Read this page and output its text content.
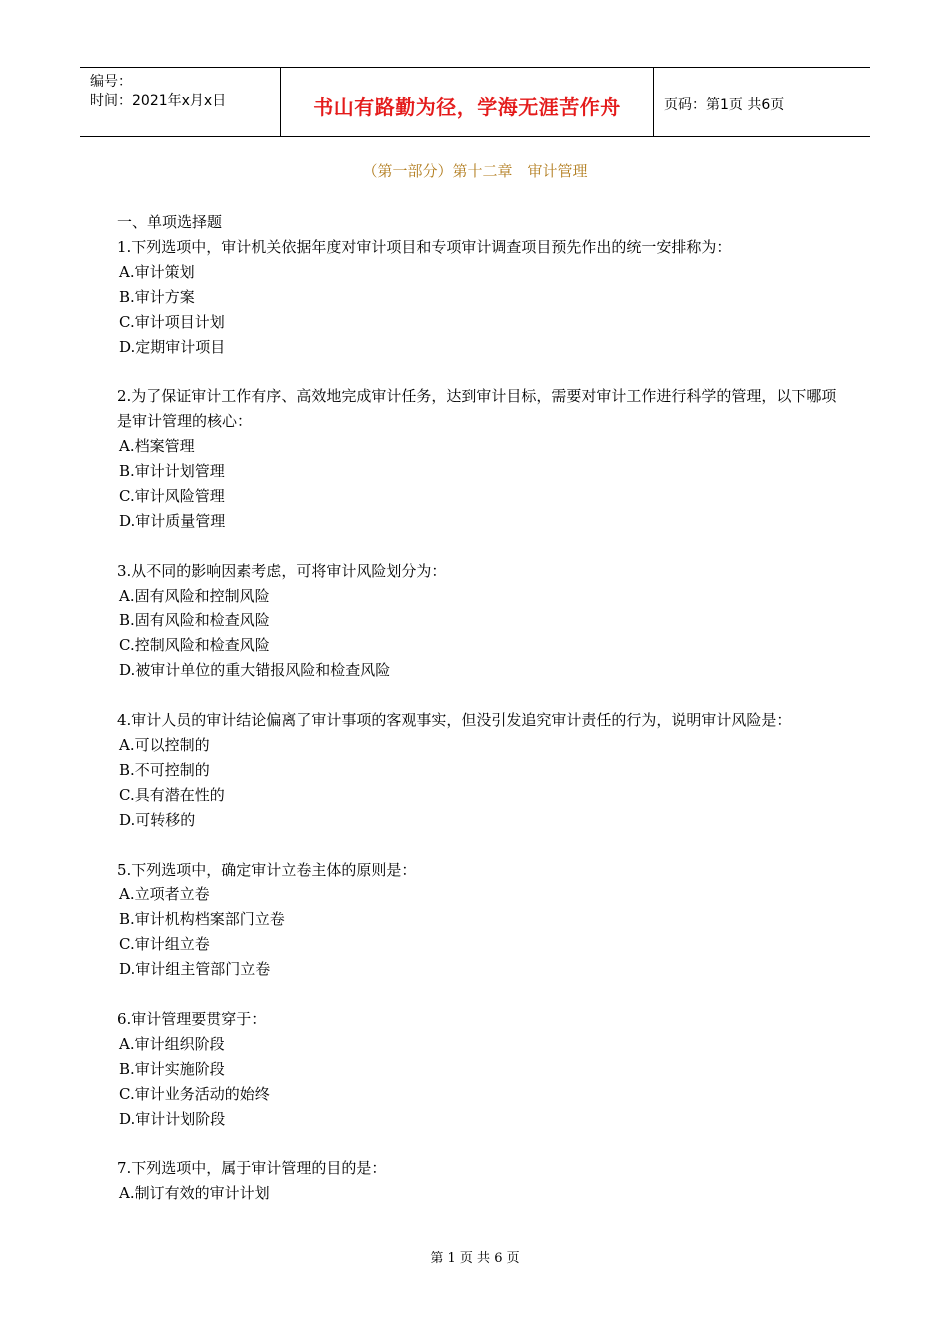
编号：
时间：2021年x月x日	书山有路勤为径，学海无涯苦作舟	页码：第1页 共6页
（第一部分）第十二章　审计管理
一、单项选择题
1.下列选项中，审计机关依据年度对审计项目和专项审计调查项目预先作出的统一安排称为：
A.审计策划
B.审计方案
C.审计项目计划
D.定期审计项目
2.为了保证审计工作有序、高效地完成审计任务，达到审计目标，需要对审计工作进行科学的管理，以下哪项是审计管理的核心：
A.档案管理
B.审计计划管理
C.审计风险管理
D.审计质量管理
3.从不同的影响因素考虑，可将审计风险划分为：
A.固有风险和控制风险
B.固有风险和检查风险
C.控制风险和检查风险
D.被审计单位的重大错报风险和检查风险
4.审计人员的审计结论偏离了审计事项的客观事实，但没引发追究审计责任的行为，说明审计风险是：
A.可以控制的
B.不可控制的
C.具有潜在性的
D.可转移的
5.下列选项中，确定审计立卷主体的原则是：
A.立项者立卷
B.审计机构档案部门立卷
C.审计组立卷
D.审计组主管部门立卷
6.审计管理要贯穿于：
A.审计组织阶段
B.审计实施阶段
C.审计业务活动的始终
D.审计计划阶段
7.下列选项中，属于审计管理的目的是：
A.制订有效的审计计划
第 1 页 共 6 页
